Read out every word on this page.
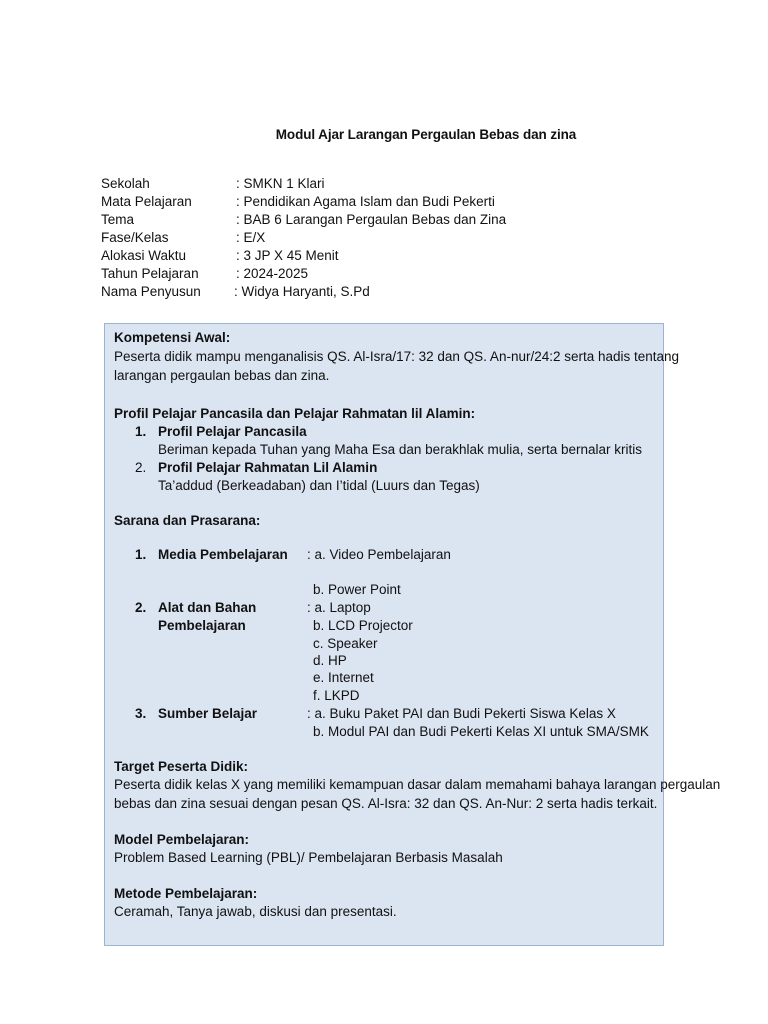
Modul Ajar Larangan Pergaulan Bebas dan zina
Sekolah	: SMKN 1 Klari
Mata Pelajaran	: Pendidikan Agama Islam dan Budi Pekerti
Tema	: BAB 6 Larangan Pergaulan Bebas dan Zina
Fase/Kelas	: E/X
Alokasi Waktu	: 3 JP X 45 Menit
Tahun Pelajaran	: 2024-2025
Nama Penyusun : Widya Haryanti, S.Pd
Kompetensi Awal:
Peserta didik mampu menganalisis QS. Al-Isra/17: 32 dan QS. An-nur/24:2 serta hadis tentang
larangan pergaulan bebas dan zina.
Profil Pelajar Pancasila dan Pelajar Rahmatan lil Alamin:
1. Profil Pelajar Pancasila
Beriman kepada Tuhan yang Maha Esa dan berakhlak mulia, serta bernalar kritis
2. Profil Pelajar Rahmatan Lil Alamin
Ta’addud (Berkeadaban) dan I’tidal (Luurs dan Tegas)
Sarana dan Prasarana:
1. Media Pembelajaran : a. Video Pembelajaran
b. Power Point
2. Alat dan Bahan
Pembelajaran
: a. Laptop
b. LCD Projector
c. Speaker
d. HP
e. Internet
f. LKPD
3. Sumber Belajar	: a. Buku Paket PAI dan Budi Pekerti Siswa Kelas X
b. Modul PAI dan Budi Pekerti Kelas XI untuk SMA/SMK
Target Peserta Didik:
Peserta didik kelas X yang memiliki kemampuan dasar dalam memahami bahaya larangan pergaulan
bebas dan zina sesuai dengan pesan QS. Al-Isra: 32 dan QS. An-Nur: 2 serta hadis terkait.
Model Pembelajaran:
Problem Based Learning (PBL)/ Pembelajaran Berbasis Masalah
Metode Pembelajaran:
Ceramah, Tanya jawab, diskusi dan presentasi.
